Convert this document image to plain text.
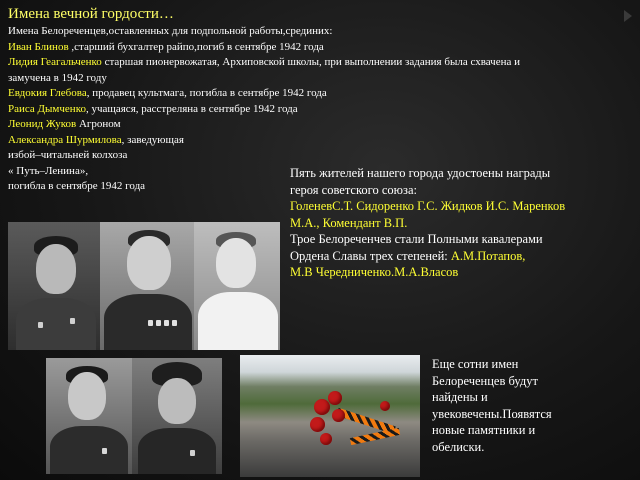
Имена вечной гордости…
Имена Белореченцев,оставленных для подпольной работы,срединих:
Иван Блинов ,старший бухгалтер райпо,погиб в сентябре 1942 года
Лидия Геагальченко старшая пионервожатая, Архиповской школы, при выполнении задания была схвачена и
замучена в 1942 году
Евдокия Глебова, продавец культмага, погибла в сентябре 1942 года
Раиса Дымченко, учащаяся, расстреляна в сентябре 1942 года
Леонид Жуков Агроном
Александра Шурмилова, заведующая
избой–читальней колхоза
« Путь–Ленина»,
погибла в сентябре 1942 года
Пять жителей нашего города удостоены награды
героя советского союза:
ГоленевС.Т. Сидоренко Г.С. Жидков И.С. Маренков
М.А., Комендант В.П.
Трое Белореченчев стали Полными кавалерами
Ордена Славы трех степеней: А.М.Потапов,
М.В Чередниченко.М.А.Власов
Еще сотни имен
Белореченцев будут
найдены и
увековечены.Появятся
новые памятники и
обелиски.
